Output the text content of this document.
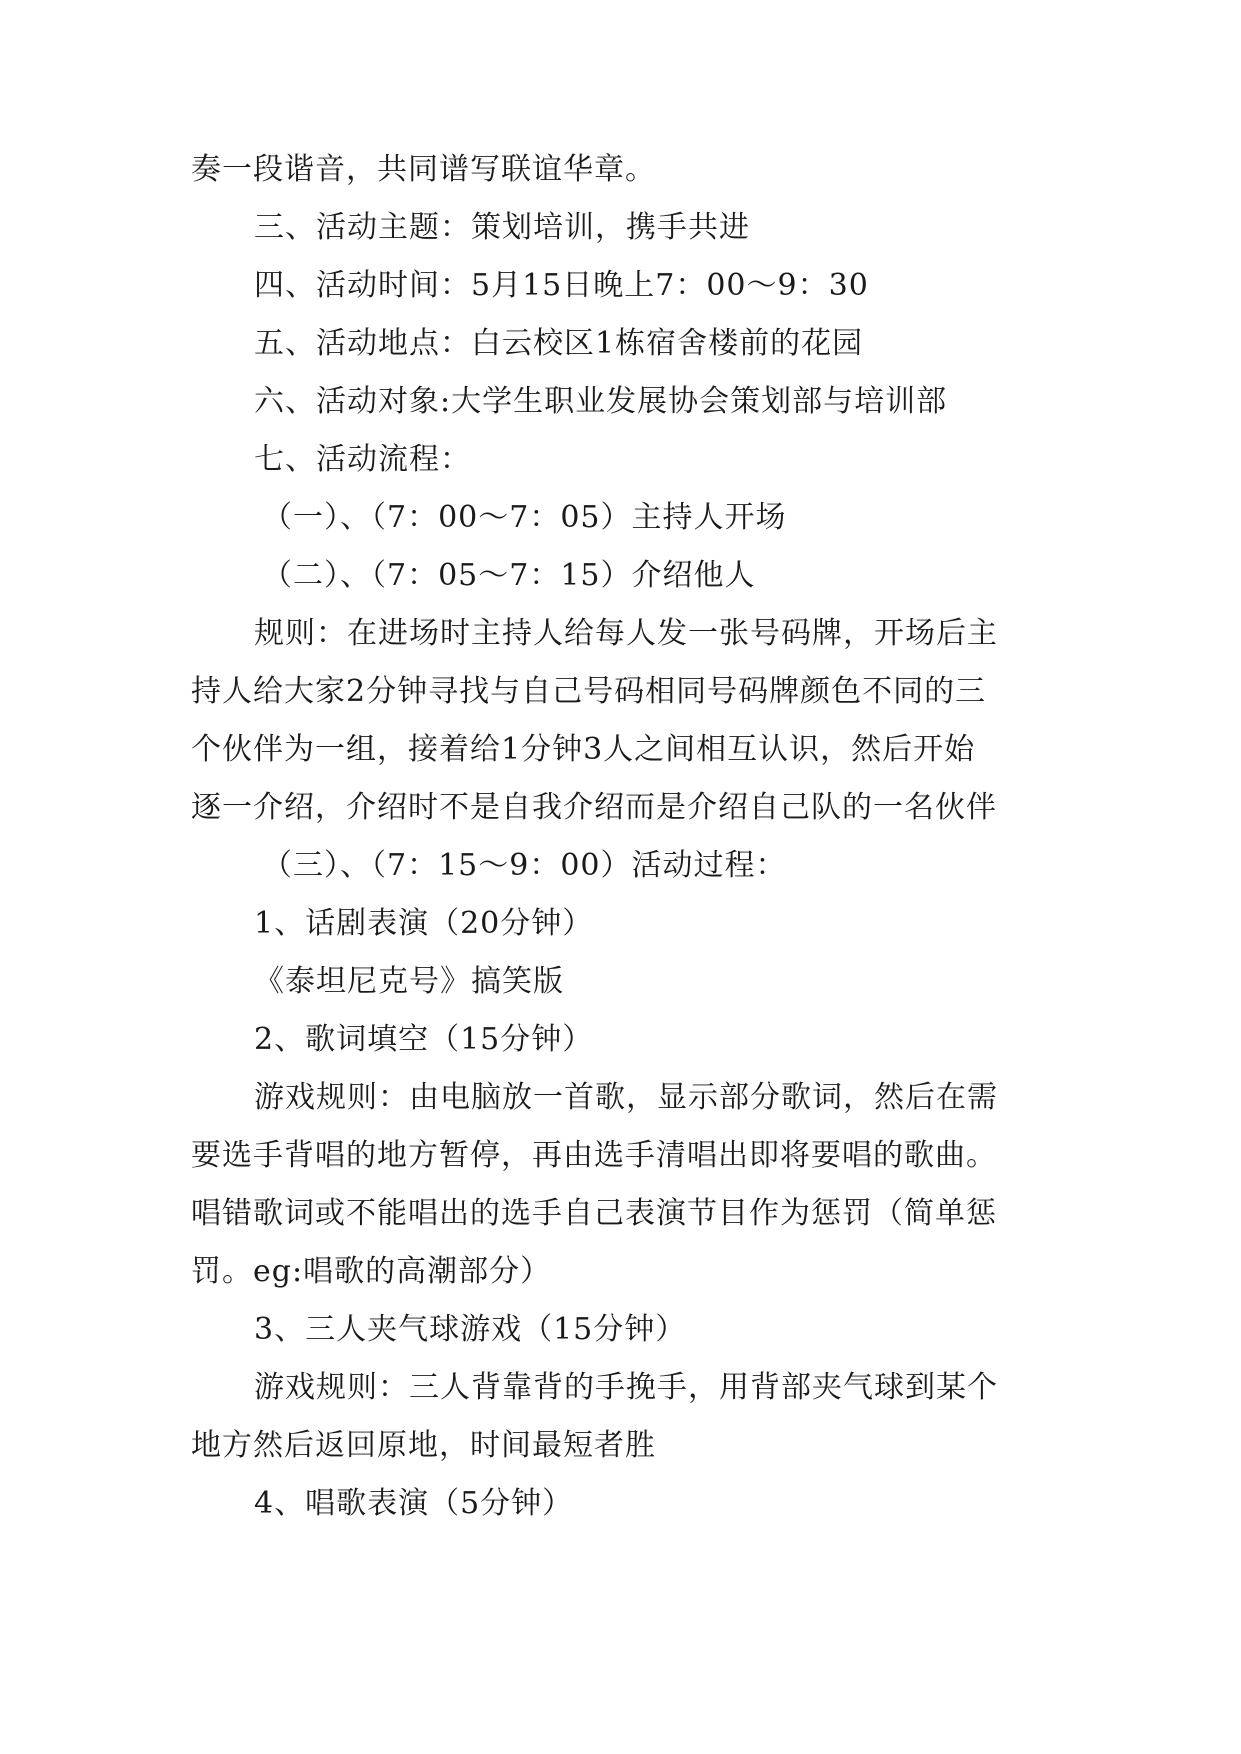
奏一段谐音，共同谱写联谊华章。
三、活动主题：策划培训，携手共进
四、活动时间：5月15日晚上7：00～9：30
五、活动地点：白云校区1栋宿舍楼前的花园
六、活动对象:大学生职业发展协会策划部与培训部
七、活动流程：
（一）、（7：00～7：05）主持人开场
（二）、（7：05～7：15）介绍他人
规则：在进场时主持人给每人发一张号码牌，开场后主
持人给大家2分钟寻找与自己号码相同号码牌颜色不同的三
个伙伴为一组，接着给1分钟3人之间相互认识，然后开始
逐一介绍，介绍时不是自我介绍而是介绍自己队的一名伙伴
（三）、（7：15～9：00）活动过程：
1、话剧表演（20分钟）
《泰坦尼克号》搞笑版
2、歌词填空（15分钟）
游戏规则：由电脑放一首歌，显示部分歌词，然后在需
要选手背唱的地方暂停，再由选手清唱出即将要唱的歌曲。
唱错歌词或不能唱出的选手自己表演节目作为惩罚（简单惩
罚。eg:唱歌的高潮部分）
3、三人夹气球游戏（15分钟）
游戏规则：三人背靠背的手挽手，用背部夹气球到某个
地方然后返回原地，时间最短者胜
4、唱歌表演（5分钟）
